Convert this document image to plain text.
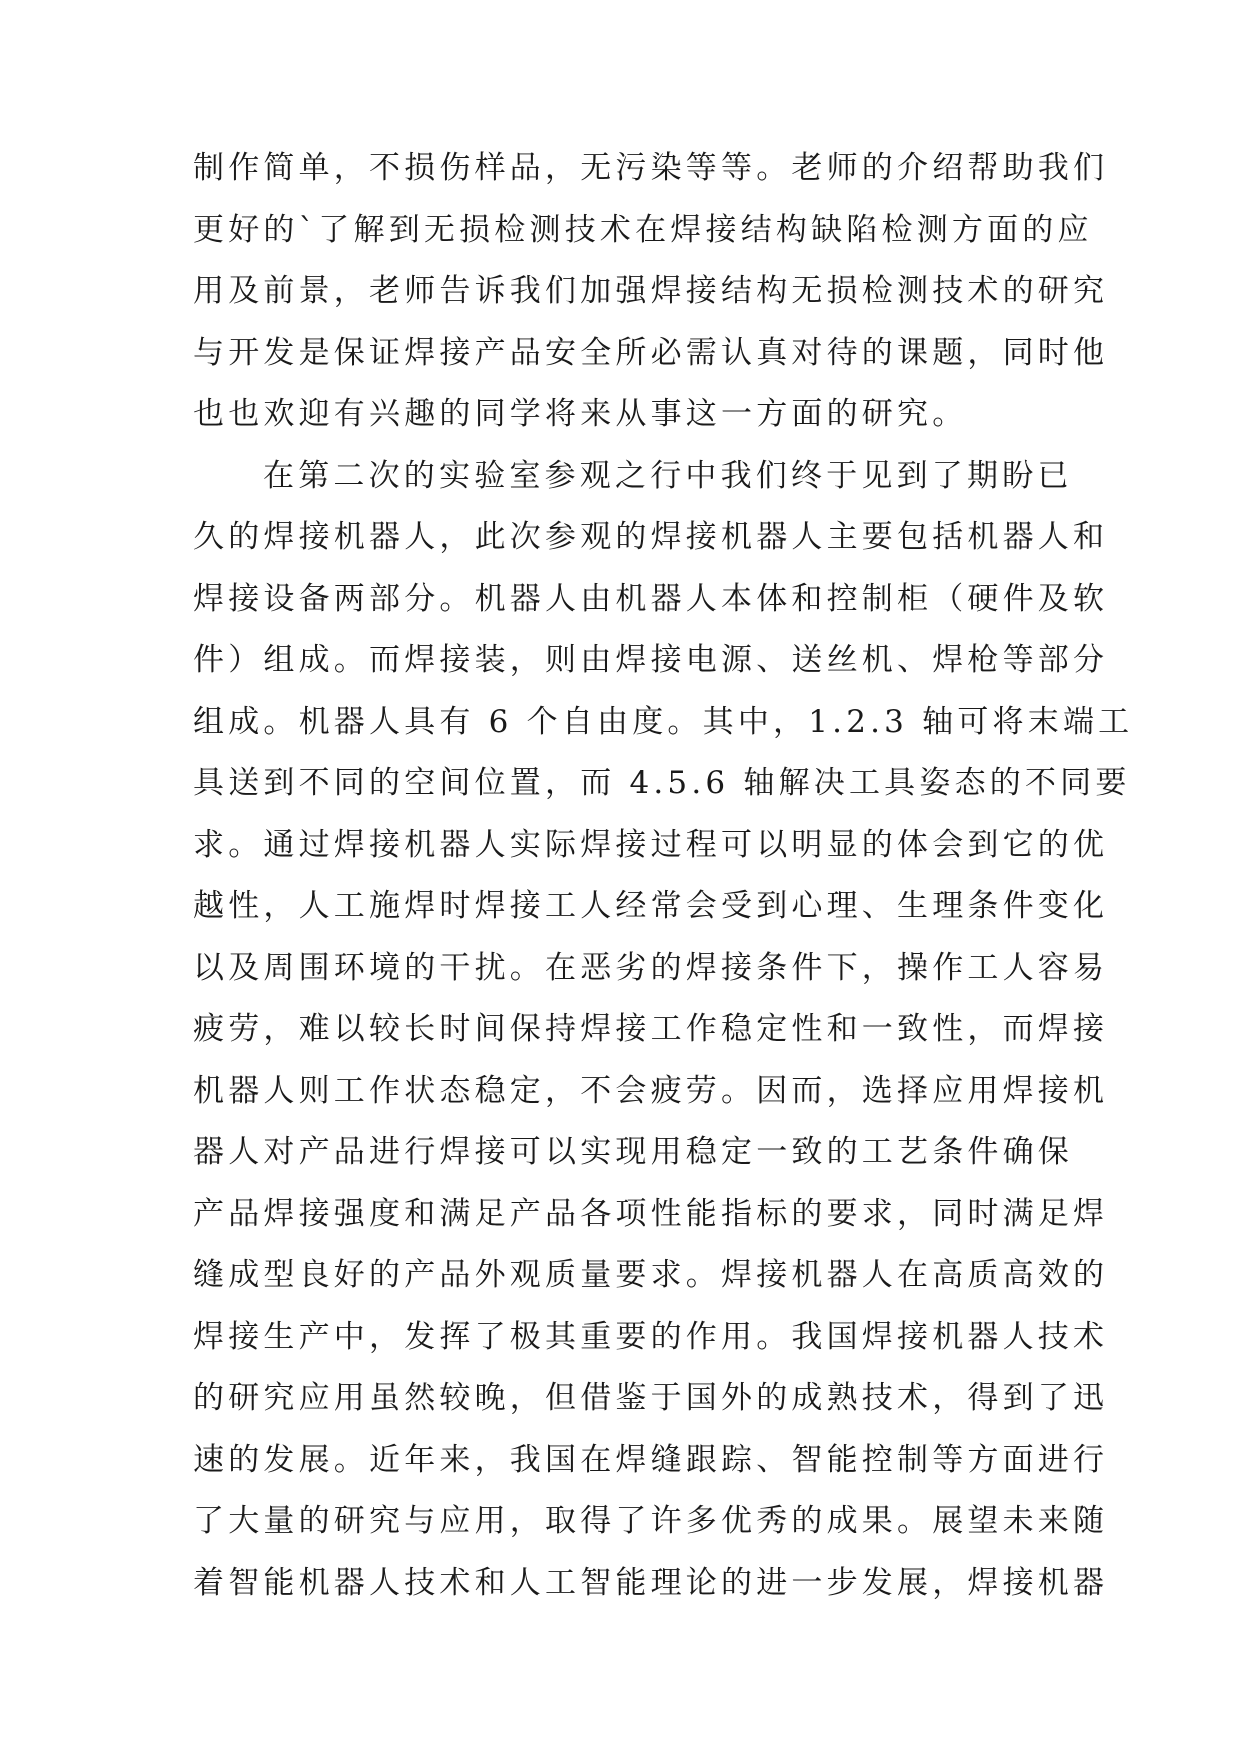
制作简单，不损伤样品，无污染等等。老师的介绍帮助我们
更好的`了解到无损检测技术在焊接结构缺陷检测方面的应
用及前景，老师告诉我们加强焊接结构无损检测技术的研究
与开发是保证焊接产品安全所必需认真对待的课题，同时他
也也欢迎有兴趣的同学将来从事这一方面的研究。
在第二次的实验室参观之行中我们终于见到了期盼已
久的焊接机器人，此次参观的焊接机器人主要包括机器人和
焊接设备两部分。机器人由机器人本体和控制柜（硬件及软
件）组成。而焊接装，则由焊接电源、送丝机、焊枪等部分
组成。机器人具有 6 个自由度。其中，1.2.3 轴可将末端工
具送到不同的空间位置，而 4.5.6 轴解决工具姿态的不同要
求。通过焊接机器人实际焊接过程可以明显的体会到它的优
越性，人工施焊时焊接工人经常会受到心理、生理条件变化
以及周围环境的干扰。在恶劣的焊接条件下，操作工人容易
疲劳，难以较长时间保持焊接工作稳定性和一致性，而焊接
机器人则工作状态稳定，不会疲劳。因而，选择应用焊接机
器人对产品进行焊接可以实现用稳定一致的工艺条件确保
产品焊接强度和满足产品各项性能指标的要求，同时满足焊
缝成型良好的产品外观质量要求。焊接机器人在高质高效的
焊接生产中，发挥了极其重要的作用。我国焊接机器人技术
的研究应用虽然较晚，但借鉴于国外的成熟技术，得到了迅
速的发展。近年来，我国在焊缝跟踪、智能控制等方面进行
了大量的研究与应用，取得了许多优秀的成果。展望未来随
着智能机器人技术和人工智能理论的进一步发展，焊接机器
